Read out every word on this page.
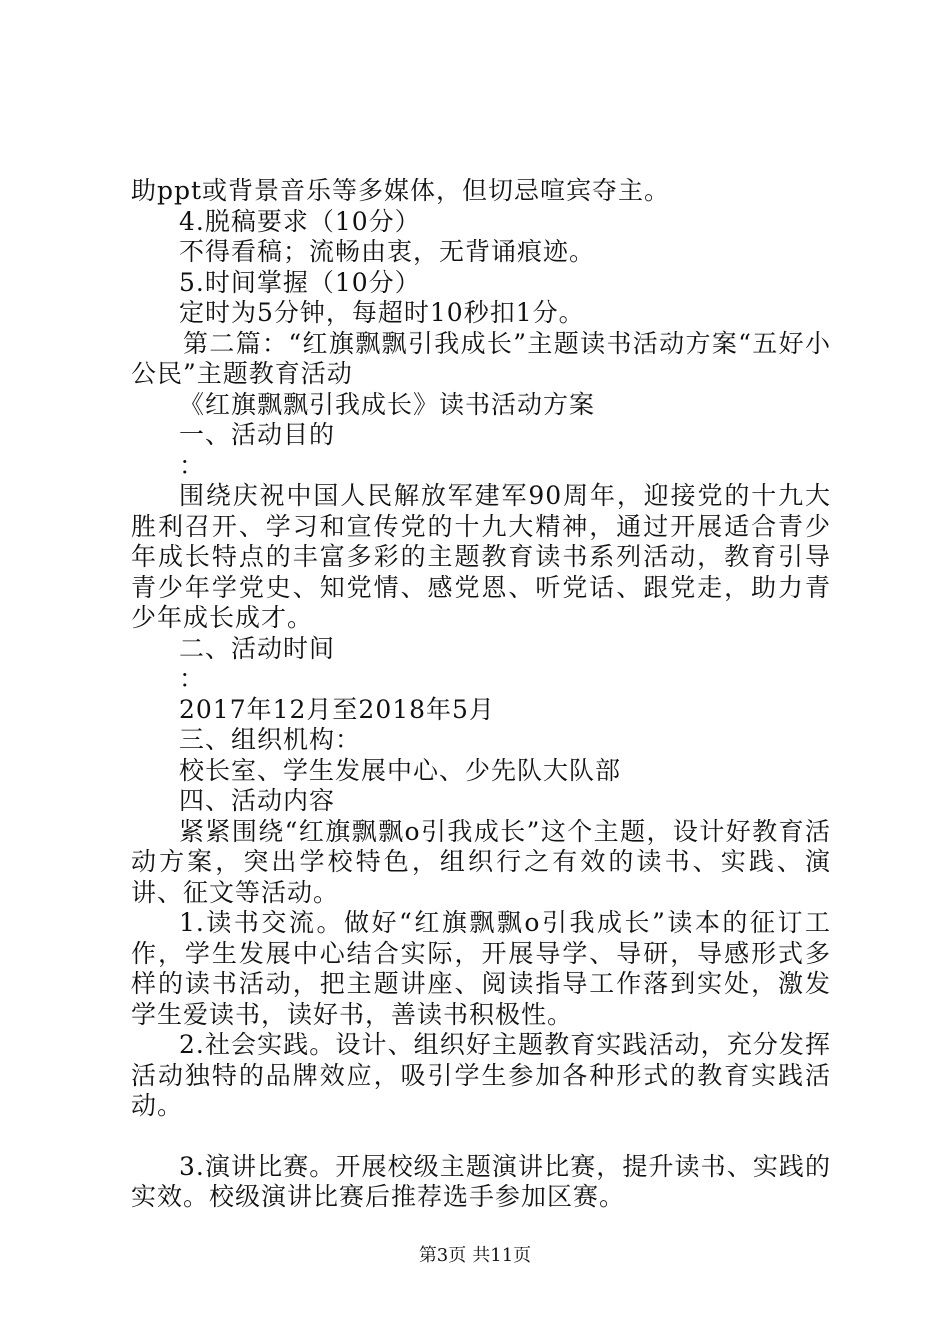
助ppt或背景音乐等多媒体，但切忌喧宾夺主。

4.脱稿要求（10分）

不得看稿；流畅由衷，无背诵痕迹。

5.时间掌握（10分）

定时为5分钟，每超时10秒扣1分。

第二篇：“红旗飘飘引我成长”主题读书活动方案“五好小公民”主题教育活动

《红旗飘飘引我成长》读书活动方案

一、活动目的

：

围绕庆祝中国人民解放军建军90周年，迎接党的十九大胜利召开、学习和宣传党的十九大精神，通过开展适合青少年成长特点的丰富多彩的主题教育读书系列活动，教育引导青少年学党史、知党情、感党恩、听党话、跟党走，助力青少年成长成才。

二、活动时间

：

2017年12月至2018年5月

三、组织机构：

校长室、学生发展中心、少先队大队部

四、活动内容

紧紧围绕“红旗飘飘o引我成长”这个主题，设计好教育活动方案，突出学校特色，组织行之有效的读书、实践、演讲、征文等活动。

1.读书交流。做好“红旗飘飘o引我成长”读本的征订工作，学生发展中心结合实际，开展导学、导研，导感形式多样的读书活动，把主题讲座、阅读指导工作落到实处，激发学生爱读书，读好书，善读书积极性。

2.社会实践。设计、组织好主题教育实践活动，充分发挥活动独特的品牌效应，吸引学生参加各种形式的教育实践活动。

3.演讲比赛。开展校级主题演讲比赛，提升读书、实践的实效。校级演讲比赛后推荐选手参加区赛。

第3页 共11页
